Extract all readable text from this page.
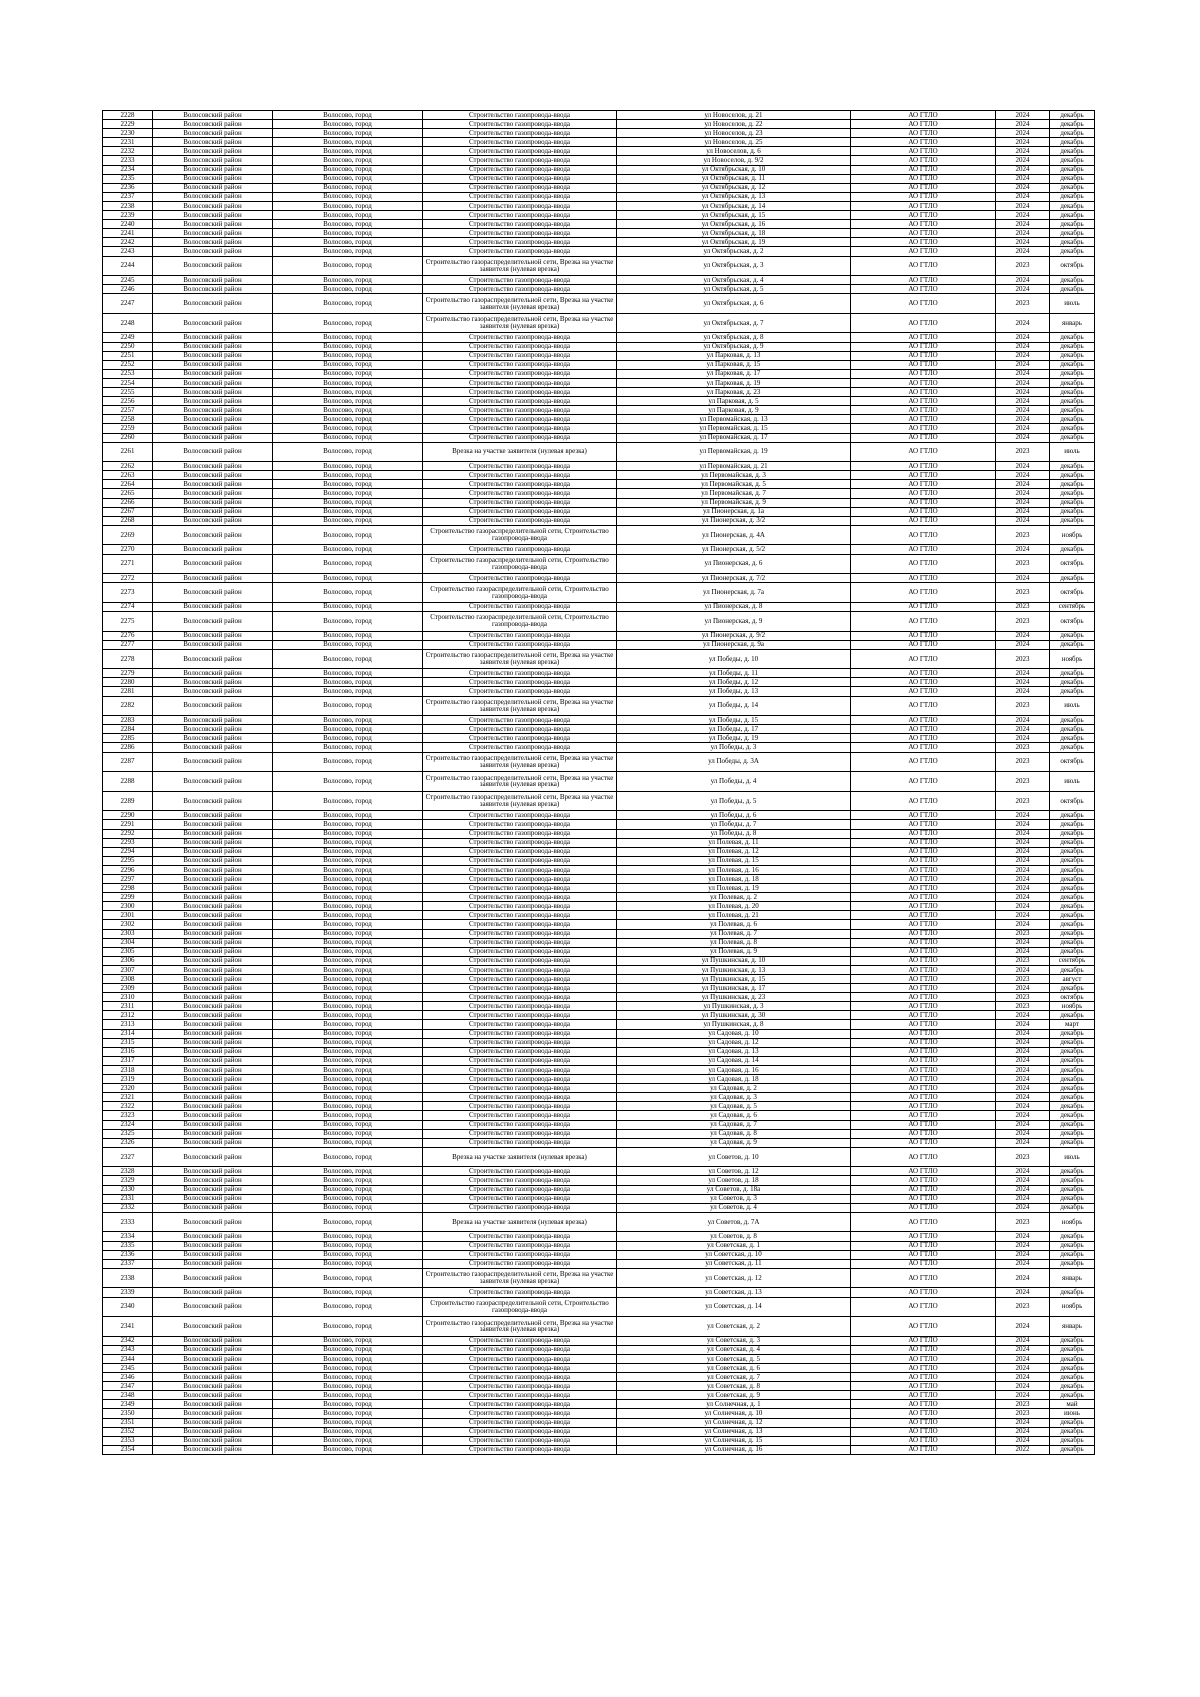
2228	Волосовский район	Волосово, город	Строительство газопровода-ввода	ул Новоселов, д. 21	АО ГТЛО	2024	декабрь
2229	Волосовский район	Волосово, город	Строительство газопровода-ввода	ул Новоселов, д. 22	АО ГТЛО	2024	декабрь
2230	Волосовский район	Волосово, город	Строительство газопровода-ввода	ул Новоселов, д. 23	АО ГТЛО	2024	декабрь
2231	Волосовский район	Волосово, город	Строительство газопровода-ввода	ул Новоселов, д. 25	АО ГТЛО	2024	декабрь
2232	Волосовский район	Волосово, город	Строительство газопровода-ввода	ул Новоселов, д. 6	АО ГТЛО	2024	декабрь
2233	Волосовский район	Волосово, город	Строительство газопровода-ввода	ул Новоселов, д. 9/2	АО ГТЛО	2024	декабрь
2234	Волосовский район	Волосово, город	Строительство газопровода-ввода	ул Октябрьская, д. 10	АО ГТЛО	2024	декабрь
2235	Волосовский район	Волосово, город	Строительство газопровода-ввода	ул Октябрьская, д. 11	АО ГТЛО	2024	декабрь
2236	Волосовский район	Волосово, город	Строительство газопровода-ввода	ул Октябрьская, д. 12	АО ГТЛО	2024	декабрь
2237	Волосовский район	Волосово, город	Строительство газопровода-ввода	ул Октябрьская, д. 13	АО ГТЛО	2024	декабрь
2238	Волосовский район	Волосово, город	Строительство газопровода-ввода	ул Октябрьская, д. 14	АО ГТЛО	2024	декабрь
2239	Волосовский район	Волосово, город	Строительство газопровода-ввода	ул Октябрьская, д. 15	АО ГТЛО	2024	декабрь
2240	Волосовский район	Волосово, город	Строительство газопровода-ввода	ул Октябрьская, д. 16	АО ГТЛО	2024	декабрь
2241	Волосовский район	Волосово, город	Строительство газопровода-ввода	ул Октябрьская, д. 18	АО ГТЛО	2024	декабрь
2242	Волосовский район	Волосово, город	Строительство газопровода-ввода	ул Октябрьская, д. 19	АО ГТЛО	2024	декабрь
2243	Волосовский район	Волосово, город	Строительство газопровода-ввода	ул Октябрьская, д. 2	АО ГТЛО	2024	декабрь
2244	Волосовский район	Волосово, город	Строительство газораспределительной сети, Врезка на участке заявителя (нулевая врезка)	ул Октябрьская, д. 3	АО ГТЛО	2023	октябрь
2245	Волосовский район	Волосово, город	Строительство газопровода-ввода	ул Октябрьская, д. 4	АО ГТЛО	2024	декабрь
2246	Волосовский район	Волосово, город	Строительство газопровода-ввода	ул Октябрьская, д. 5	АО ГТЛО	2024	декабрь
2247	Волосовский район	Волосово, город	Строительство газораспределительной сети, Врезка на участке заявителя (нулевая врезка)	ул Октябрьская, д. 6	АО ГТЛО	2023	июль
2248	Волосовский район	Волосово, город	Строительство газораспределительной сети, Врезка на участке заявителя (нулевая врезка)	ул Октябрьская, д. 7	АО ГТЛО	2024	январь
2249	Волосовский район	Волосово, город	Строительство газопровода-ввода	ул Октябрьская, д. 8	АО ГТЛО	2024	декабрь
2250	Волосовский район	Волосово, город	Строительство газопровода-ввода	ул Октябрьская, д. 9	АО ГТЛО	2024	декабрь
2251	Волосовский район	Волосово, город	Строительство газопровода-ввода	ул Парковая, д. 13	АО ГТЛО	2024	декабрь
2252	Волосовский район	Волосово, город	Строительство газопровода-ввода	ул Парковая, д. 15	АО ГТЛО	2024	декабрь
2253	Волосовский район	Волосово, город	Строительство газопровода-ввода	ул Парковая, д. 17	АО ГТЛО	2024	декабрь
2254	Волосовский район	Волосово, город	Строительство газопровода-ввода	ул Парковая, д. 19	АО ГТЛО	2024	декабрь
2255	Волосовский район	Волосово, город	Строительство газопровода-ввода	ул Парковая, д. 23	АО ГТЛО	2024	декабрь
2256	Волосовский район	Волосово, город	Строительство газопровода-ввода	ул Парковая, д. 5	АО ГТЛО	2024	декабрь
2257	Волосовский район	Волосово, город	Строительство газопровода-ввода	ул Парковая, д. 9	АО ГТЛО	2024	декабрь
2258	Волосовский район	Волосово, город	Строительство газопровода-ввода	ул Первомайская, д. 13	АО ГТЛО	2024	декабрь
2259	Волосовский район	Волосово, город	Строительство газопровода-ввода	ул Первомайская, д. 15	АО ГТЛО	2024	декабрь
2260	Волосовский район	Волосово, город	Строительство газопровода-ввода	ул Первомайская, д. 17	АО ГТЛО	2024	декабрь
2261	Волосовский район	Волосово, город	Врезка на участке заявителя (нулевая врезка)	ул Первомайская, д. 19	АО ГТЛО	2023	июль
2262	Волосовский район	Волосово, город	Строительство газопровода-ввода	ул Первомайская, д. 21	АО ГТЛО	2024	декабрь
2263	Волосовский район	Волосово, город	Строительство газопровода-ввода	ул Первомайская, д. 3	АО ГТЛО	2024	декабрь
2264	Волосовский район	Волосово, город	Строительство газопровода-ввода	ул Первомайская, д. 5	АО ГТЛО	2024	декабрь
2265	Волосовский район	Волосово, город	Строительство газопровода-ввода	ул Первомайская, д. 7	АО ГТЛО	2024	декабрь
2266	Волосовский район	Волосово, город	Строительство газопровода-ввода	ул Первомайская, д. 9	АО ГТЛО	2024	декабрь
2267	Волосовский район	Волосово, город	Строительство газопровода-ввода	ул Пионерская, д. 1а	АО ГТЛО	2024	декабрь
2268	Волосовский район	Волосово, город	Строительство газопровода-ввода	ул Пионерская, д. 3/2	АО ГТЛО	2024	декабрь
2269	Волосовский район	Волосово, город	Строительство газораспределительной сети, Строительство газопровода-ввода	ул Пионерская, д. 4А	АО ГТЛО	2023	ноябрь
2270	Волосовский район	Волосово, город	Строительство газопровода-ввода	ул Пионерская, д. 5/2	АО ГТЛО	2024	декабрь
2271	Волосовский район	Волосово, город	Строительство газораспределительной сети, Строительство газопровода-ввода	ул Пионерская, д. 6	АО ГТЛО	2023	октябрь
2272	Волосовский район	Волосово, город	Строительство газопровода-ввода	ул Пионерская, д. 7/2	АО ГТЛО	2024	декабрь
2273	Волосовский район	Волосово, город	Строительство газораспределительной сети, Строительство газопровода-ввода	ул Пионерская, д. 7а	АО ГТЛО	2023	октябрь
2274	Волосовский район	Волосово, город	Строительство газопровода-ввода	ул Пионерская, д. 8	АО ГТЛО	2023	сентябрь
2275	Волосовский район	Волосово, город	Строительство газораспределительной сети, Строительство газопровода-ввода	ул Пионерская, д. 9	АО ГТЛО	2023	октябрь
2276	Волосовский район	Волосово, город	Строительство газопровода-ввода	ул Пионерская, д. 9/2	АО ГТЛО	2024	декабрь
2277	Волосовский район	Волосово, город	Строительство газопровода-ввода	ул Пионерская, д. 9а	АО ГТЛО	2024	декабрь
2278	Волосовский район	Волосово, город	Строительство газораспределительной сети, Врезка на участке заявителя (нулевая врезка)	ул Победы, д. 10	АО ГТЛО	2023	ноябрь
2279	Волосовский район	Волосово, город	Строительство газопровода-ввода	ул Победы, д. 11	АО ГТЛО	2024	декабрь
2280	Волосовский район	Волосово, город	Строительство газопровода-ввода	ул Победы, д. 12	АО ГТЛО	2024	декабрь
2281	Волосовский район	Волосово, город	Строительство газопровода-ввода	ул Победы, д. 13	АО ГТЛО	2024	декабрь
2282	Волосовский район	Волосово, город	Строительство газораспределительной сети, Врезка на участке заявителя (нулевая врезка)	ул Победы, д. 14	АО ГТЛО	2023	июль
2283	Волосовский район	Волосово, город	Строительство газопровода-ввода	ул Победы, д. 15	АО ГТЛО	2024	декабрь
2284	Волосовский район	Волосово, город	Строительство газопровода-ввода	ул Победы, д. 17	АО ГТЛО	2024	декабрь
2285	Волосовский район	Волосово, город	Строительство газопровода-ввода	ул Победы, д. 19	АО ГТЛО	2024	декабрь
2286	Волосовский район	Волосово, город	Строительство газопровода-ввода	ул Победы, д. 3	АО ГТЛО	2023	декабрь
2287	Волосовский район	Волосово, город	Строительство газораспределительной сети, Врезка на участке заявителя (нулевая врезка)	ул Победы, д. 3А	АО ГТЛО	2023	октябрь
2288	Волосовский район	Волосово, город	Строительство газораспределительной сети, Врезка на участке заявителя (нулевая врезка)	ул Победы, д. 4	АО ГТЛО	2023	июль
2289	Волосовский район	Волосово, город	Строительство газораспределительной сети, Врезка на участке заявителя (нулевая врезка)	ул Победы, д. 5	АО ГТЛО	2023	октябрь
2290	Волосовский район	Волосово, город	Строительство газопровода-ввода	ул Победы, д. 6	АО ГТЛО	2024	декабрь
2291	Волосовский район	Волосово, город	Строительство газопровода-ввода	ул Победы, д. 7	АО ГТЛО	2024	декабрь
2292	Волосовский район	Волосово, город	Строительство газопровода-ввода	ул Победы, д. 8	АО ГТЛО	2024	декабрь
2293	Волосовский район	Волосово, город	Строительство газопровода-ввода	ул Полевая, д. 11	АО ГТЛО	2024	декабрь
2294	Волосовский район	Волосово, город	Строительство газопровода-ввода	ул Полевая, д. 12	АО ГТЛО	2024	декабрь
2295	Волосовский район	Волосово, город	Строительство газопровода-ввода	ул Полевая, д. 15	АО ГТЛО	2024	декабрь
2296	Волосовский район	Волосово, город	Строительство газопровода-ввода	ул Полевая, д. 16	АО ГТЛО	2024	декабрь
2297	Волосовский район	Волосово, город	Строительство газопровода-ввода	ул Полевая, д. 18	АО ГТЛО	2024	декабрь
2298	Волосовский район	Волосово, город	Строительство газопровода-ввода	ул Полевая, д. 19	АО ГТЛО	2024	декабрь
2299	Волосовский район	Волосово, город	Строительство газопровода-ввода	ул Полевая, д. 2	АО ГТЛО	2024	декабрь
2300	Волосовский район	Волосово, город	Строительство газопровода-ввода	ул Полевая, д. 20	АО ГТЛО	2024	декабрь
2301	Волосовский район	Волосово, город	Строительство газопровода-ввода	ул Полевая, д. 21	АО ГТЛО	2024	декабрь
2302	Волосовский район	Волосово, город	Строительство газопровода-ввода	ул Полевая, д. 6	АО ГТЛО	2024	декабрь
2303	Волосовский район	Волосово, город	Строительство газопровода-ввода	ул Полевая, д. 7	АО ГТЛО	2023	декабрь
2304	Волосовский район	Волосово, город	Строительство газопровода-ввода	ул Полевая, д. 8	АО ГТЛО	2024	декабрь
2305	Волосовский район	Волосово, город	Строительство газопровода-ввода	ул Полевая, д. 9	АО ГТЛО	2024	декабрь
2306	Волосовский район	Волосово, город	Строительство газопровода-ввода	ул Пушкинская, д. 10	АО ГТЛО	2023	сентябрь
2307	Волосовский район	Волосово, город	Строительство газопровода-ввода	ул Пушкинская, д. 13	АО ГТЛО	2024	декабрь
2308	Волосовский район	Волосово, город	Строительство газопровода-ввода	ул Пушкинская, д. 15	АО ГТЛО	2023	август
2309	Волосовский район	Волосово, город	Строительство газопровода-ввода	ул Пушкинская, д. 17	АО ГТЛО	2024	декабрь
2310	Волосовский район	Волосово, город	Строительство газопровода-ввода	ул Пушкинская, д. 23	АО ГТЛО	2023	октябрь
2311	Волосовский район	Волосово, город	Строительство газопровода-ввода	ул Пушкинская, д. 3	АО ГТЛО	2023	ноябрь
2312	Волосовский район	Волосово, город	Строительство газопровода-ввода	ул Пушкинская, д. 30	АО ГТЛО	2024	декабрь
2313	Волосовский район	Волосово, город	Строительство газопровода-ввода	ул Пушкинская, д. 8	АО ГТЛО	2024	март
2314	Волосовский район	Волосово, город	Строительство газопровода-ввода	ул Садовая, д. 10	АО ГТЛО	2024	декабрь
2315	Волосовский район	Волосово, город	Строительство газопровода-ввода	ул Садовая, д. 12	АО ГТЛО	2024	декабрь
2316	Волосовский район	Волосово, город	Строительство газопровода-ввода	ул Садовая, д. 13	АО ГТЛО	2024	декабрь
2317	Волосовский район	Волосово, город	Строительство газопровода-ввода	ул Садовая, д. 14	АО ГТЛО	2024	декабрь
2318	Волосовский район	Волосово, город	Строительство газопровода-ввода	ул Садовая, д. 16	АО ГТЛО	2024	декабрь
2319	Волосовский район	Волосово, город	Строительство газопровода-ввода	ул Садовая, д. 18	АО ГТЛО	2024	декабрь
2320	Волосовский район	Волосово, город	Строительство газопровода-ввода	ул Садовая, д. 2	АО ГТЛО	2024	декабрь
2321	Волосовский район	Волосово, город	Строительство газопровода-ввода	ул Садовая, д. 3	АО ГТЛО	2024	декабрь
2322	Волосовский район	Волосово, город	Строительство газопровода-ввода	ул Садовая, д. 5	АО ГТЛО	2024	декабрь
2323	Волосовский район	Волосово, город	Строительство газопровода-ввода	ул Садовая, д. 6	АО ГТЛО	2024	декабрь
2324	Волосовский район	Волосово, город	Строительство газопровода-ввода	ул Садовая, д. 7	АО ГТЛО	2024	декабрь
2325	Волосовский район	Волосово, город	Строительство газопровода-ввода	ул Садовая, д. 8	АО ГТЛО	2024	декабрь
2326	Волосовский район	Волосово, город	Строительство газопровода-ввода	ул Садовая, д. 9	АО ГТЛО	2024	декабрь
2327	Волосовский район	Волосово, город	Врезка на участке заявителя (нулевая врезка)	ул Советов, д. 10	АО ГТЛО	2023	июль
2328	Волосовский район	Волосово, город	Строительство газопровода-ввода	ул Советов, д. 12	АО ГТЛО	2024	декабрь
2329	Волосовский район	Волосово, город	Строительство газопровода-ввода	ул Советов, д. 18	АО ГТЛО	2024	декабрь
2330	Волосовский район	Волосово, город	Строительство газопровода-ввода	ул Советов, д. 18а	АО ГТЛО	2024	декабрь
2331	Волосовский район	Волосово, город	Строительство газопровода-ввода	ул Советов, д. 3	АО ГТЛО	2024	декабрь
2332	Волосовский район	Волосово, город	Строительство газопровода-ввода	ул Советов, д. 4	АО ГТЛО	2024	декабрь
2333	Волосовский район	Волосово, город	Врезка на участке заявителя (нулевая врезка)	ул Советов, д. 7А	АО ГТЛО	2023	ноябрь
2334	Волосовский район	Волосово, город	Строительство газопровода-ввода	ул Советов, д. 8	АО ГТЛО	2024	декабрь
2335	Волосовский район	Волосово, город	Строительство газопровода-ввода	ул Советская, д. 1	АО ГТЛО	2024	декабрь
2336	Волосовский район	Волосово, город	Строительство газопровода-ввода	ул Советская, д. 10	АО ГТЛО	2024	декабрь
2337	Волосовский район	Волосово, город	Строительство газопровода-ввода	ул Советская, д. 11	АО ГТЛО	2024	декабрь
2338	Волосовский район	Волосово, город	Строительство газораспределительной сети, Врезка на участке заявителя (нулевая врезка)	ул Советская, д. 12	АО ГТЛО	2024	январь
2339	Волосовский район	Волосово, город	Строительство газопровода-ввода	ул Советская, д. 13	АО ГТЛО	2024	декабрь
2340	Волосовский район	Волосово, город	Строительство газораспределительной сети, Строительство газопровода-ввода	ул Советская, д. 14	АО ГТЛО	2023	ноябрь
2341	Волосовский район	Волосово, город	Строительство газораспределительной сети, Врезка на участке заявителя (нулевая врезка)	ул Советская, д. 2	АО ГТЛО	2024	январь
2342	Волосовский район	Волосово, город	Строительство газопровода-ввода	ул Советская, д. 3	АО ГТЛО	2024	декабрь
2343	Волосовский район	Волосово, город	Строительство газопровода-ввода	ул Советская, д. 4	АО ГТЛО	2024	декабрь
2344	Волосовский район	Волосово, город	Строительство газопровода-ввода	ул Советская, д. 5	АО ГТЛО	2024	декабрь
2345	Волосовский район	Волосово, город	Строительство газопровода-ввода	ул Советская, д. 6	АО ГТЛО	2024	декабрь
2346	Волосовский район	Волосово, город	Строительство газопровода-ввода	ул Советская, д. 7	АО ГТЛО	2024	декабрь
2347	Волосовский район	Волосово, город	Строительство газопровода-ввода	ул Советская, д. 8	АО ГТЛО	2024	декабрь
2348	Волосовский район	Волосово, город	Строительство газопровода-ввода	ул Советская, д. 9	АО ГТЛО	2024	декабрь
2349	Волосовский район	Волосово, город	Строительство газопровода-ввода	ул Солнечная, д. 1	АО ГТЛО	2023	май
2350	Волосовский район	Волосово, город	Строительство газопровода-ввода	ул Солнечная, д. 10	АО ГТЛО	2023	июнь
2351	Волосовский район	Волосово, город	Строительство газопровода-ввода	ул Солнечная, д. 12	АО ГТЛО	2024	декабрь
2352	Волосовский район	Волосово, город	Строительство газопровода-ввода	ул Солнечная, д. 13	АО ГТЛО	2024	декабрь
2353	Волосовский район	Волосово, город	Строительство газопровода-ввода	ул Солнечная, д. 15	АО ГТЛО	2024	декабрь
2354	Волосовский район	Волосово, город	Строительство газопровода-ввода	ул Солнечная, д. 16	АО ГТЛО	2022	декабрь
